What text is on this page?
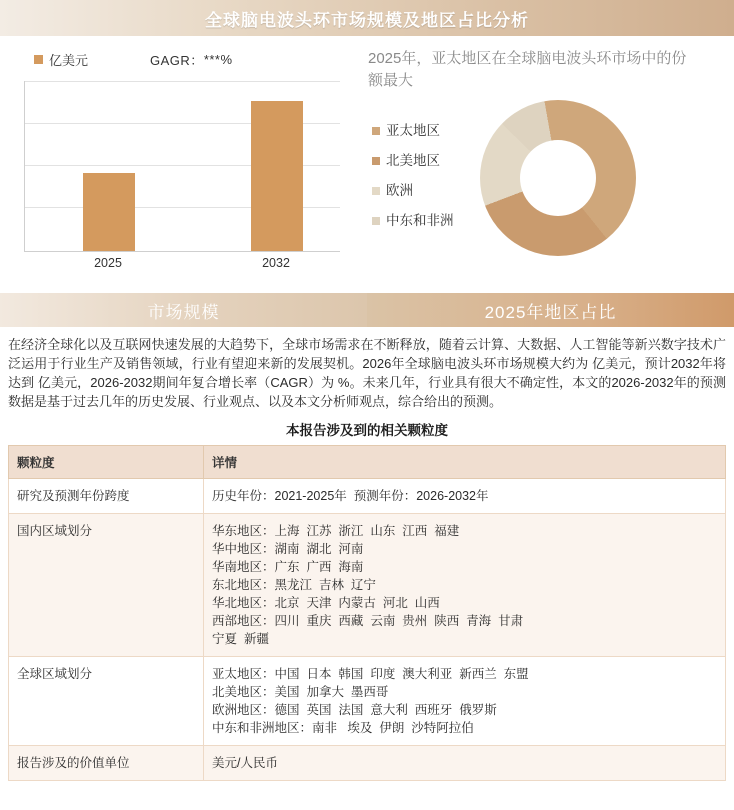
全球脑电波头环市场规模及地区占比分析
亿美元	GAGR： ***%
2025	2032
2025年，亚太地区在全球脑电波头环市场中的份额最大
亚太地区
北美地区
欧洲
中东和非洲
市场规模	2025年地区占比
在经济全球化以及互联网快速发展的大趋势下，全球市场需求在不断释放，随着云计算、大数据、人工智能等新兴数字技术广泛运用于行业生产及销售领域，行业有望迎来新的发展契机。2026年全球脑电波头环市场规模大约为 亿美元，预计2032年将达到 亿美元，2026-2032期间年复合增长率（CAGR）为 %。未来几年，行业具有很大不确定性，本文的2026-2032年的预测数据是基于过去几年的历史发展、行业观点、以及本文分析师观点，综合给出的预测。
本报告涉及到的相关颗粒度
颗粒度	详情
研究及预测年份跨度	历史年份：2021-2025年  预测年份：2026-2032年

国内区域划分	华东地区：上海  江苏  浙江  山东  江西  福建
华中地区：湖南  湖北  河南
华南地区：广东  广西  海南
东北地区：黑龙江  吉林  辽宁
华北地区：北京  天津  内蒙古  河北  山西
西部地区：四川  重庆  西藏  云南  贵州  陕西  青海  甘肃
宁夏  新疆

全球区域划分	亚太地区：中国  日本  韩国  印度  澳大利亚  新西兰  东盟
北美地区：美国  加拿大  墨西哥
欧洲地区：德国  英国  法国  意大利  西班牙  俄罗斯
中东和非洲地区：南非   埃及  伊朗  沙特阿拉伯

报告涉及的价值单位	美元/人民币
